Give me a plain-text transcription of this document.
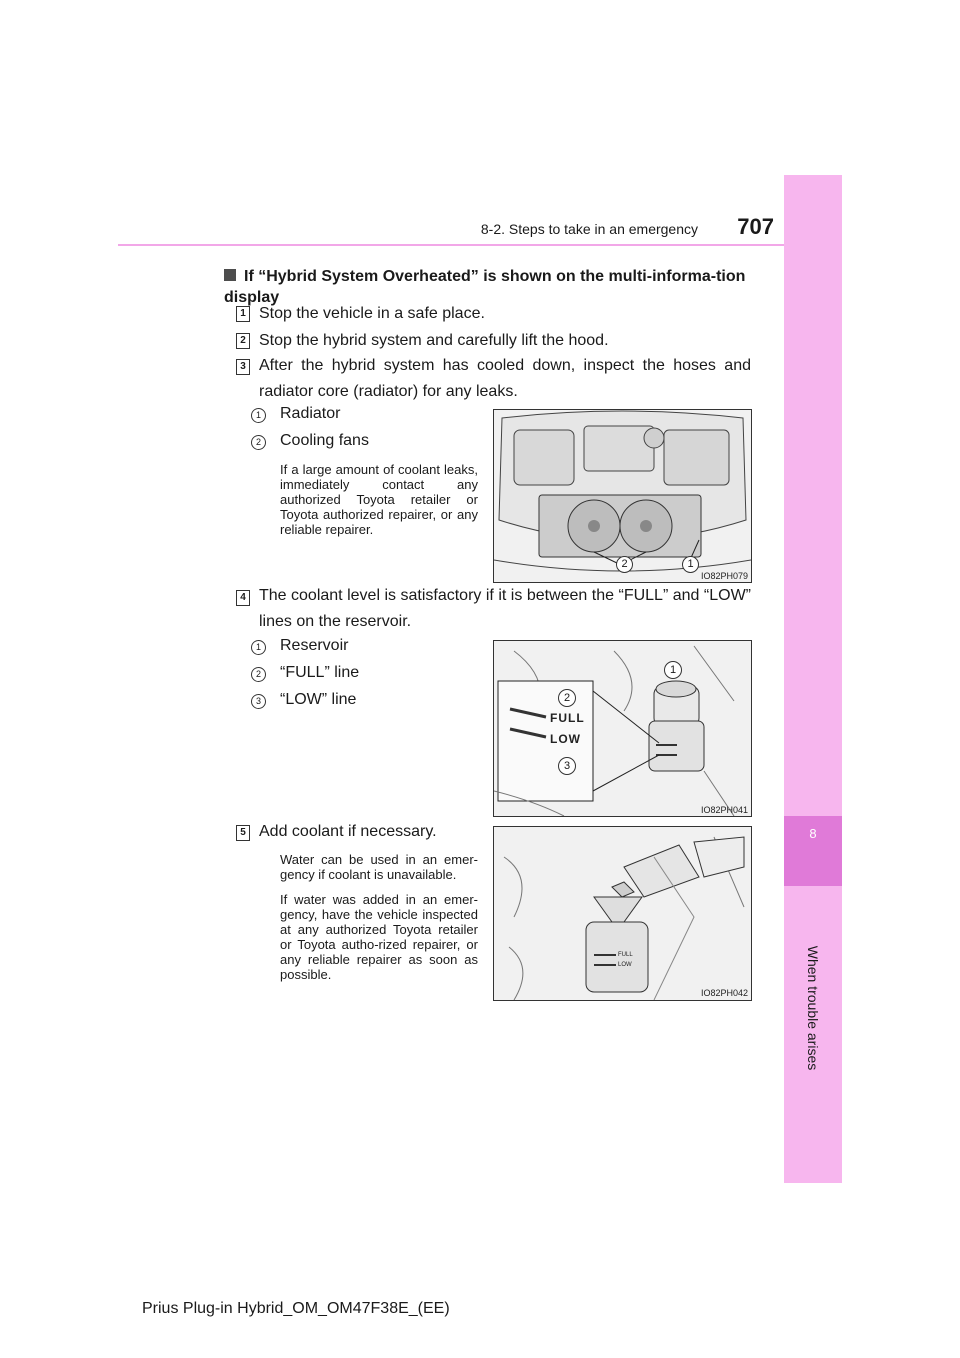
8
When trouble arises
8-2. Steps to take in an emergency 707
If “Hybrid System Overheated” is shown on the multi-informa-tion display
1 Stop the vehicle in a safe place.
2 Stop the hybrid system and carefully lift the hood.
3 After the hybrid system has cooled down, inspect the hoses and radiator core (radiator) for any leaks.
1	Radiator
2	Cooling fans
If a large amount of coolant leaks, immediately contact any authorized Toyota retailer or Toyota authorized repairer, or any reliable repairer.
2	1
IO82PH079
4 The coolant level is satisfactory if it is between the “FULL” and “LOW” lines on the reservoir.
1	Reservoir
2	“FULL” line
3	“LOW” line
FULL
LOW
1
2
3
IO82PH041
5 Add coolant if necessary.
Water can be used in an emer-gency if coolant is unavailable.
If water was added in an emer-gency, have the vehicle inspected at any authorized Toyota retailer or Toyota autho-rized repairer, or any reliable repairer as soon as possible.
FULL
LOW
IO82PH042
Prius Plug-in Hybrid_OM_OM47F38E_(EE)
